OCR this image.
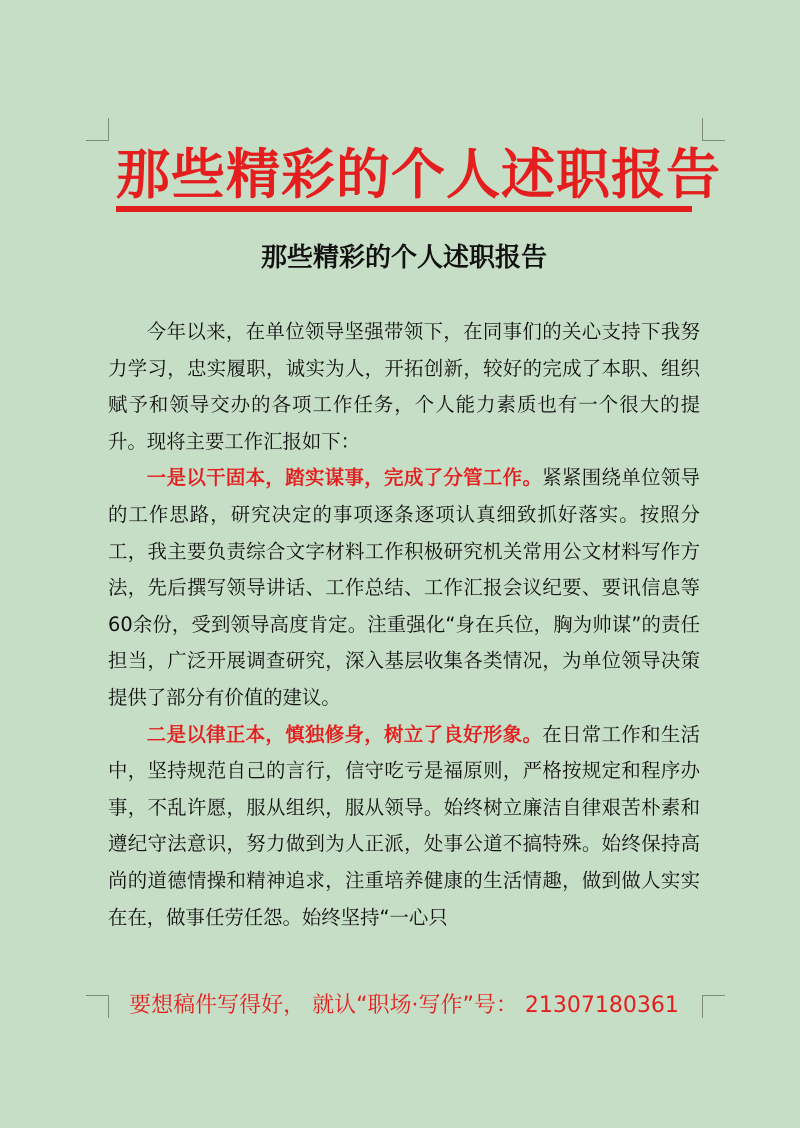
那些精彩的个人述职报告
那些精彩的个人述职报告

今年以来，在单位领导坚强带领下，在同事们的关心支持下我努力学习，忠实履职，诚实为人，开拓创新，较好的完成了本职、组织赋予和领导交办的各项工作任务，个人能力素质也有一个很大的提升。现将主要工作汇报如下：

一是以干固本，踏实谋事，完成了分管工作。紧紧围绕单位领导的工作思路，研究决定的事项逐条逐项认真细致抓好落实。按照分工，我主要负责综合文字材料工作积极研究机关常用公文材料写作方法，先后撰写领导讲话、工作总结、工作汇报会议纪要、要讯信息等60余份，受到领导高度肯定。注重强化“身在兵位，胸为帅谋”的责任担当，广泛开展调查研究，深入基层收集各类情况，为单位领导决策提供了部分有价值的建议。

二是以律正本，慎独修身，树立了良好形象。在日常工作和生活中，坚持规范自己的言行，信守吃亏是福原则，严格按规定和程序办事，不乱许愿，服从组织，服从领导。始终树立廉洁自律艰苦朴素和遵纪守法意识，努力做到为人正派，处事公道不搞特殊。始终保持高尚的道德情操和精神追求，注重培养健康的生活情趣，做到做人实实在在，做事任劳任怨。始终坚持“一心只

要想稿件写得好， 就认“职场·写作”号： 21307180361
